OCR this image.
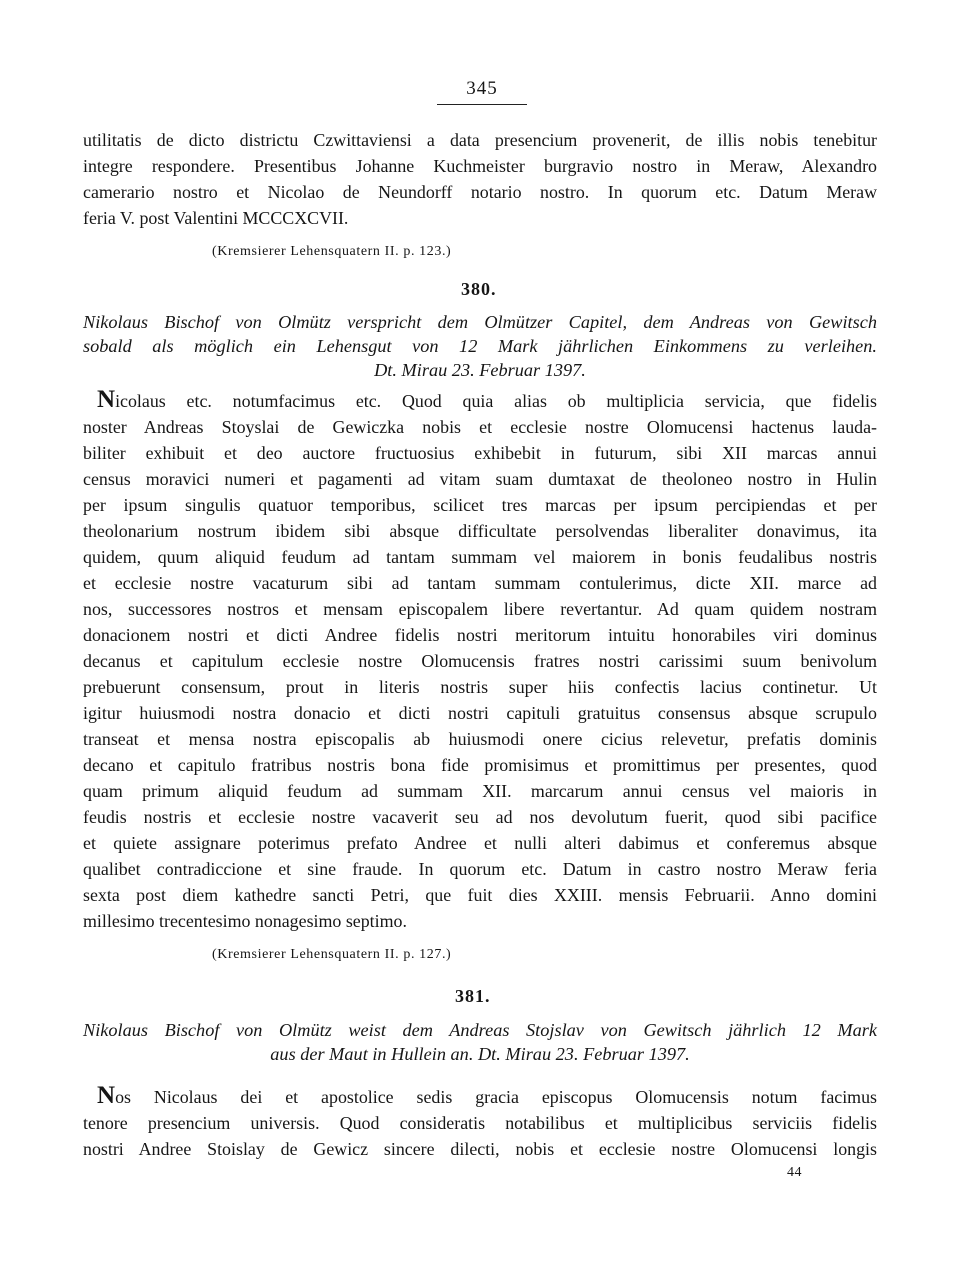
345
utilitatis de dicto districtu Czwittaviensi a data presencium provenerit, de illis nobis tenebitur
integre respondere. Presentibus Johanne Kuchmeister burgravio nostro in Meraw, Alexandro
camerario nostro et Nicolao de Neundorff notario nostro. In quorum etc. Datum Meraw
feria V. post Valentini MCCCXCVII.
(Kremsierer Lehensquatern II. p. 123.)
380.
Nikolaus Bischof von Olmütz verspricht dem Olmützer Capitel, dem Andreas von Gewitsch
sobald als möglich ein Lehensgut von 12 Mark jährlichen Einkommens zu verleihen.
Dt. Mirau 23. Februar 1397.
Nicolaus etc. notumfacimus etc. Quod quia alias ob multiplicia servicia, que fidelis
noster Andreas Stoyslai de Gewiczka nobis et ecclesie nostre Olomucensi hactenus lauda-
biliter exhibuit et deo auctore fructuosius exhibebit in futurum, sibi XII marcas annui
census moravici numeri et pagamenti ad vitam suam dumtaxat de theoloneo nostro in Hulin
per ipsum singulis quatuor temporibus, scilicet tres marcas per ipsum percipiendas et per
theolonarium nostrum ibidem sibi absque difficultate persolvendas liberaliter donavimus, ita
quidem, quum aliquid feudum ad tantam summam vel maiorem in bonis feudalibus nostris
et ecclesie nostre vacaturum sibi ad tantam summam contulerimus, dicte XII. marce ad
nos, successores nostros et mensam episcopalem libere revertantur. Ad quam quidem nostram
donacionem nostri et dicti Andree fidelis nostri meritorum intuitu honorabiles viri dominus
decanus et capitulum ecclesie nostre Olomucensis fratres nostri carissimi suum benivolum
prebuerunt consensum, prout in literis nostris super hiis confectis lacius continetur. Ut
igitur huiusmodi nostra donacio et dicti nostri capituli gratuitus consensus absque scrupulo
transeat et mensa nostra episcopalis ab huiusmodi onere cicius relevetur, prefatis dominis
decano et capitulo fratribus nostris bona fide promisimus et promittimus per presentes, quod
quam primum aliquid feudum ad summam XII. marcarum annui census vel maioris in
feudis nostris et ecclesie nostre vacaverit seu ad nos devolutum fuerit, quod sibi pacifice
et quiete assignare poterimus prefato Andree et nulli alteri dabimus et conferemus absque
qualibet contradiccione et sine fraude. In quorum etc. Datum in castro nostro Meraw feria
sexta post diem kathedre sancti Petri, que fuit dies XXIII. mensis Februarii. Anno domini
millesimo trecentesimo nonagesimo septimo.
(Kremsierer Lehensquatern II. p. 127.)
381.
Nikolaus Bischof von Olmütz weist dem Andreas Stojslav von Gewitsch jährlich 12 Mark
aus der Maut in Hullein an. Dt. Mirau 23. Februar 1397.
Nos Nicolaus dei et apostolice sedis gracia episcopus Olomucensis notum facimus
tenore presencium universis. Quod consideratis notabilibus et multiplicibus serviciis fidelis
nostri Andree Stoislay de Gewicz sincere dilecti, nobis et ecclesie nostre Olomucensi longis
44
